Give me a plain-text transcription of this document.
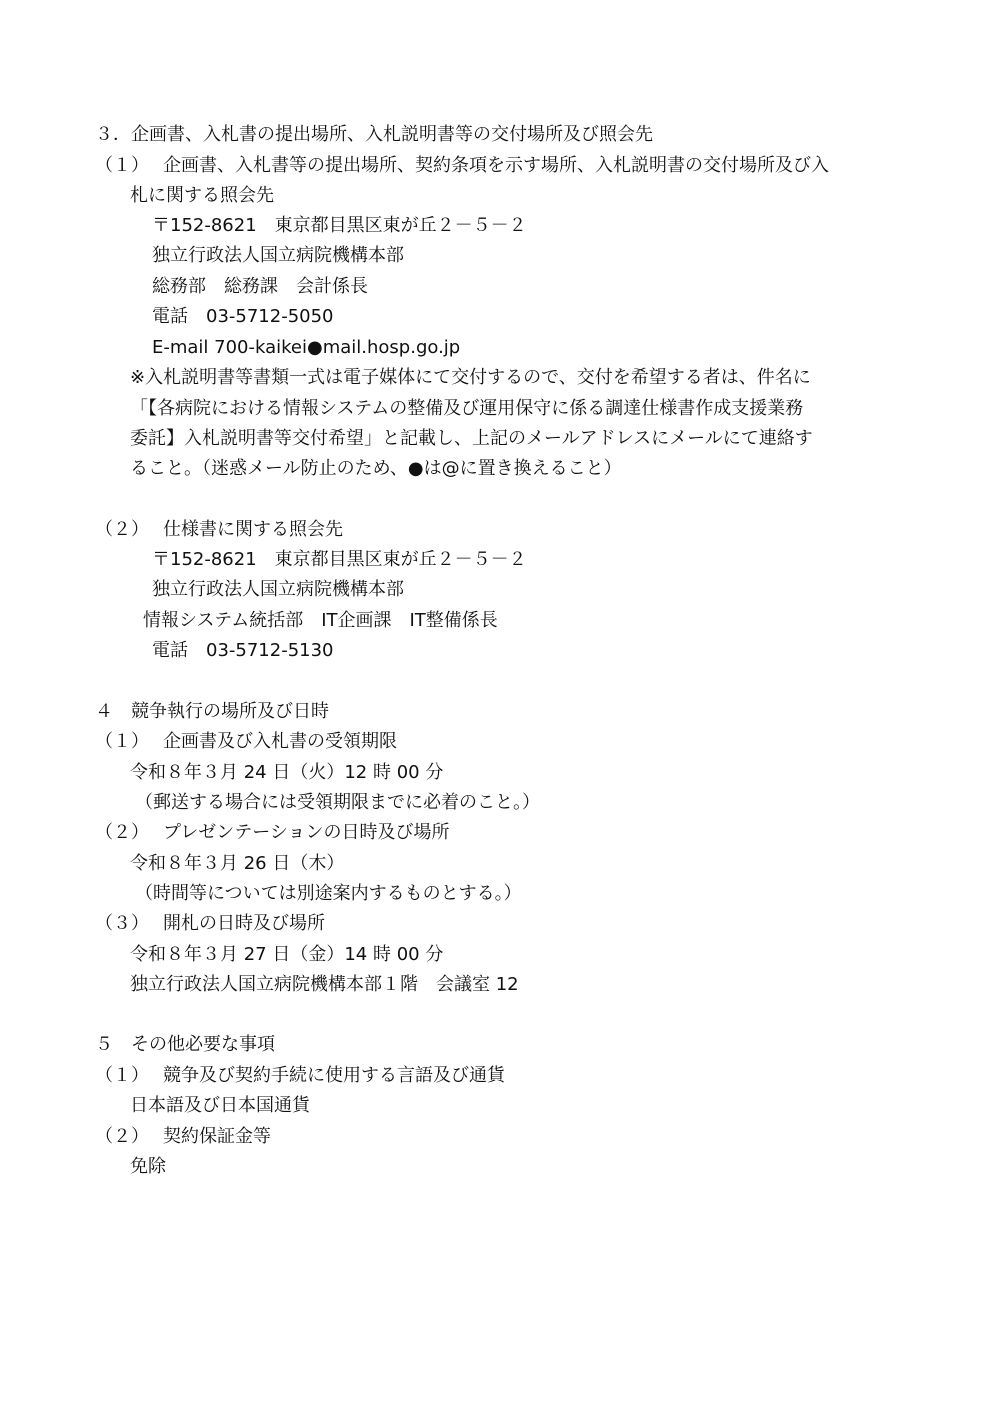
３．企画書、入札書の提出場所、入札説明書等の交付場所及び照会先
（１） 企画書、入札書等の提出場所、契約条項を示す場所、入札説明書の交付場所及び入
札に関する照会先
〒152-8621　東京都目黒区東が丘２－５－２
独立行政法人国立病院機構本部
総務部　総務課　会計係長
電話　03-5712-5050
E-mail 700-kaikei●mail.hosp.go.jp
※入札説明書等書類一式は電子媒体にて交付するので、交付を希望する者は、件名に
「【各病院における情報システムの整備及び運用保守に係る調達仕様書作成支援業務
委託】入札説明書等交付希望」と記載し、上記のメールアドレスにメールにて連絡す
ること。（迷惑メール防止のため、●は@に置き換えること）
（２） 仕様書に関する照会先
〒152-8621　東京都目黒区東が丘２－５－２
独立行政法人国立病院機構本部
情報システム統括部　IT企画課　IT整備係長
電話　03-5712-5130
４　競争執行の場所及び日時
（１） 企画書及び入札書の受領期限
令和８年３月 24 日（火）12 時 00 分
（郵送する場合には受領期限までに必着のこと。）
（２） プレゼンテーションの日時及び場所
令和８年３月 26 日（木）
（時間等については別途案内するものとする。）
（３） 開札の日時及び場所
令和８年３月 27 日（金）14 時 00 分
独立行政法人国立病院機構本部１階　会議室 12
５　その他必要な事項
（１） 競争及び契約手続に使用する言語及び通貨
日本語及び日本国通貨
（２） 契約保証金等
免除
